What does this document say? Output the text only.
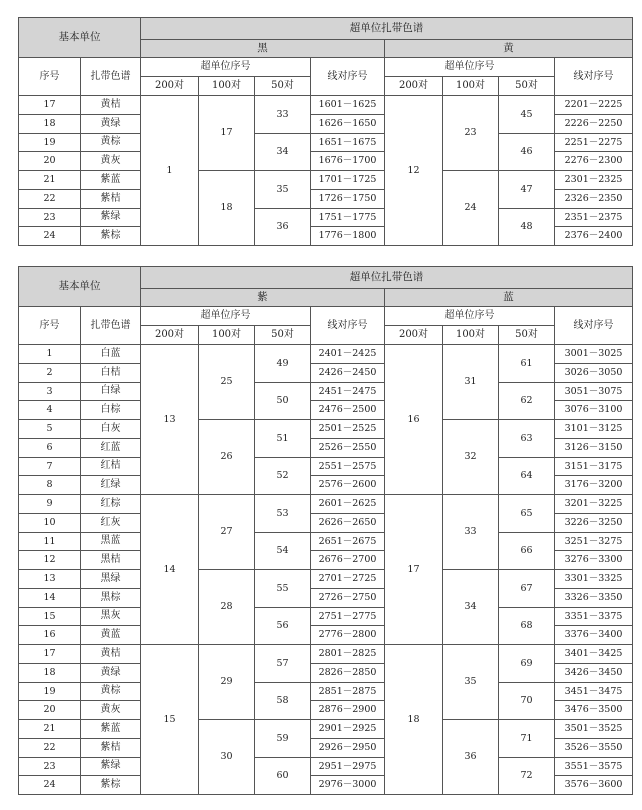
基本单位		超单位扎带色谱							
		黑				黄			
序号	扎带色谱	超单位序号			线对序号	超单位序号			线对序号
		200对	100对	50对		200对	100对	50对	
17	黄桔	1	17	33	1601－1625	12	23	45	2201－2225
18	黄绿				1626－1650				2226－2250
19	黄棕			34	1651－1675			46	2251－2275
20	黄灰				1676－1700				2276－2300
21	紫蓝		18	35	1701－1725		24	47	2301－2325
22	紫桔				1726－1750				2326－2350
23	紫绿			36	1751－1775			48	2351－2375
24	紫棕				1776－1800				2376－2400
基本单位		超单位扎带色谱							
		紫				蓝			
序号	扎带色谱	超单位序号			线对序号	超单位序号			线对序号
		200对	100对	50对		200对	100对	50对	
1	白蓝	13	25	49	2401－2425	16	31	61	3001－3025
2	白桔				2426－2450				3026－3050
3	白绿			50	2451－2475			62	3051－3075
4	白棕				2476－2500				3076－3100
5	白灰		26	51	2501－2525		32	63	3101－3125
6	红蓝				2526－2550				3126－3150
7	红桔			52	2551－2575			64	3151－3175
8	红绿				2576－2600				3176－3200
9	红棕	14	27	53	2601－2625	17	33	65	3201－3225
10	红灰				2626－2650				3226－3250
11	黑蓝			54	2651－2675			66	3251－3275
12	黑桔				2676－2700				3276－3300
13	黑绿		28	55	2701－2725		34	67	3301－3325
14	黑棕				2726－2750				3326－3350
15	黑灰			56	2751－2775			68	3351－3375
16	黄蓝				2776－2800				3376－3400
17	黄桔	15	29	57	2801－2825	18	35	69	3401－3425
18	黄绿				2826－2850				3426－3450
19	黄棕			58	2851－2875			70	3451－3475
20	黄灰				2876－2900				3476－3500
21	紫蓝		30	59	2901－2925		36	71	3501－3525
22	紫桔				2926－2950				3526－3550
23	紫绿			60	2951－2975			72	3551－3575
24	紫棕				2976－3000				3576－3600
